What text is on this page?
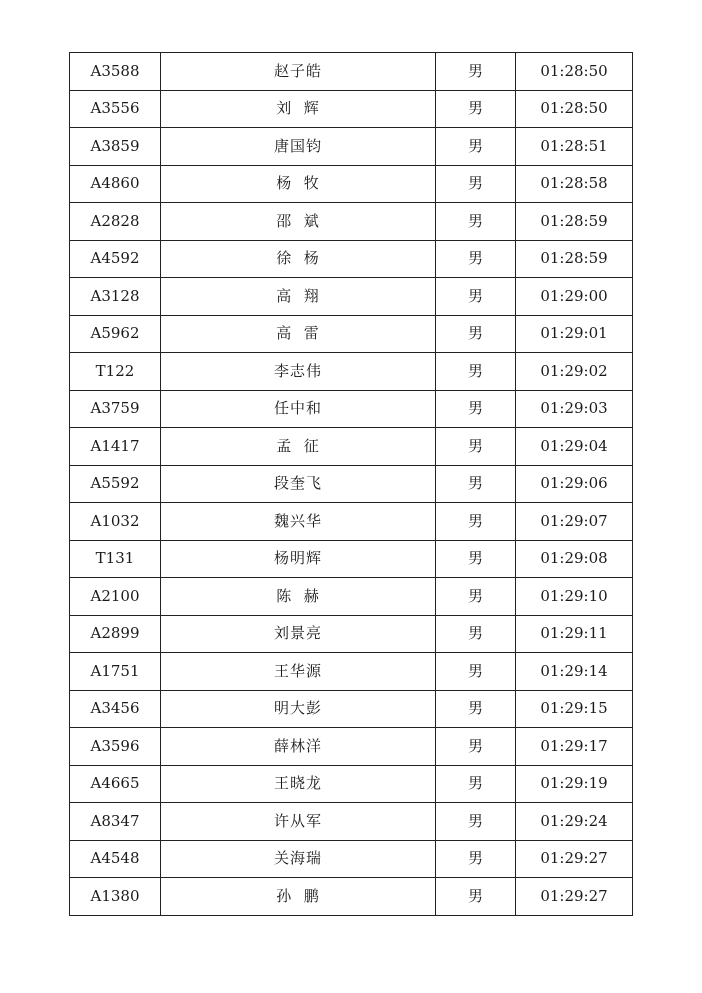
A3588	赵子皓	男	01:28:50
A3556	刘  辉	男	01:28:50
A3859	唐国钧	男	01:28:51
A4860	杨  牧	男	01:28:58
A2828	邵  斌	男	01:28:59
A4592	徐  杨	男	01:28:59
A3128	高  翔	男	01:29:00
A5962	高  雷	男	01:29:01
T122	李志伟	男	01:29:02
A3759	任中和	男	01:29:03
A1417	孟  征	男	01:29:04
A5592	段奎飞	男	01:29:06
A1032	魏兴华	男	01:29:07
T131	杨明辉	男	01:29:08
A2100	陈  赫	男	01:29:10
A2899	刘景亮	男	01:29:11
A1751	王华源	男	01:29:14
A3456	明大彭	男	01:29:15
A3596	薛林洋	男	01:29:17
A4665	王晓龙	男	01:29:19
A8347	许从军	男	01:29:24
A4548	关海瑞	男	01:29:27
A1380	孙  鹏	男	01:29:27
